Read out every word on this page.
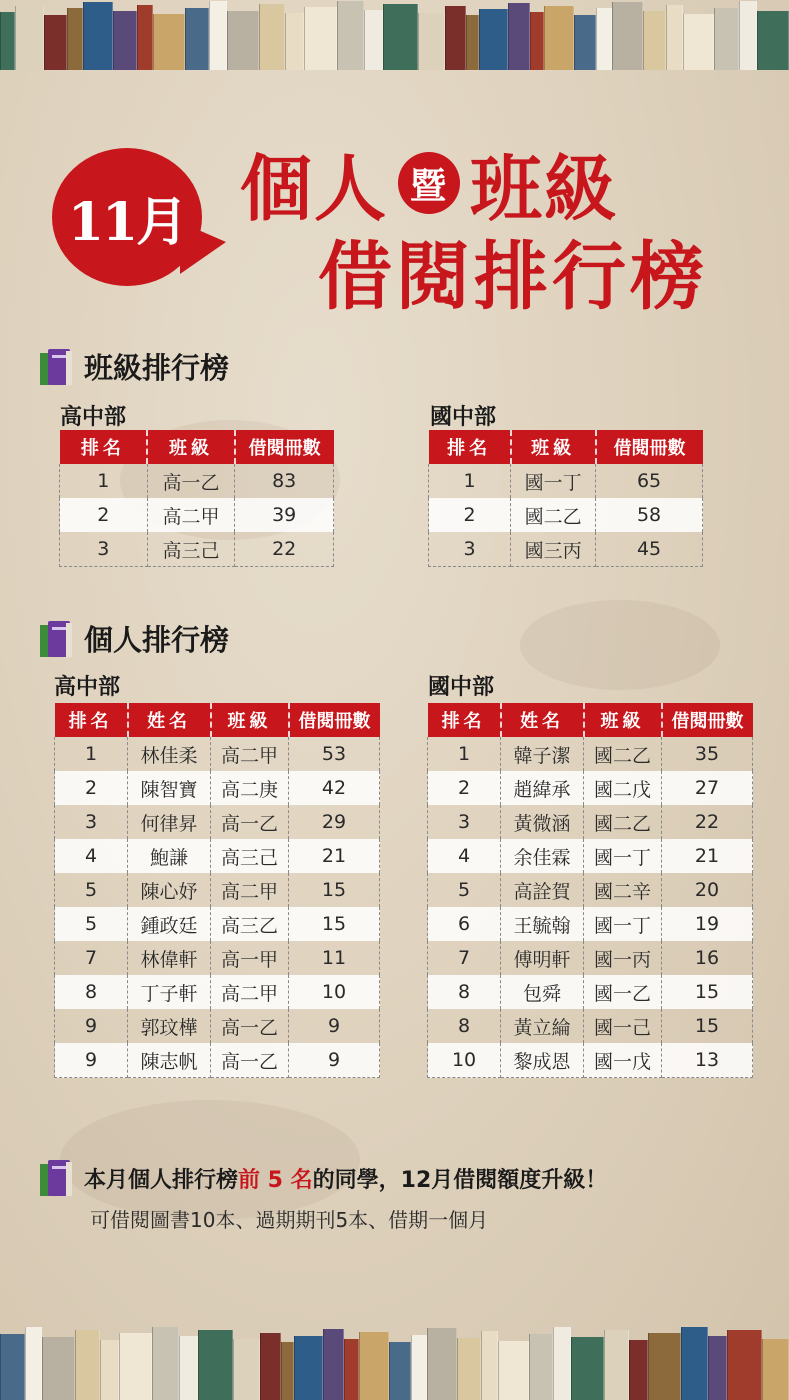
11月 個人 暨 班級
借閱排行榜
班級排行榜
高中部	國中部
排名	班級	借閱冊數
1	高一乙	83
2	高二甲	39
3	高三己	22
排名	班級	借閱冊數
1	國一丁	65
2	國二乙	58
3	國三丙	45
個人排行榜
高中部	國中部
排名	姓名	班級	借閱冊數
1	林佳柔	高二甲	53
2	陳智寶	高二庚	42
3	何律昇	高一乙	29
4	鮑謙	高三己	21
5	陳心妤	高二甲	15
5	鍾政廷	高三乙	15
7	林偉軒	高一甲	11
8	丁子軒	高二甲	10
9	郭玟樺	高一乙	9
9	陳志帆	高一乙	9
排名	姓名	班級	借閱冊數
1	韓子潔	國二乙	35
2	趙緯承	國二戊	27
3	黃微涵	國二乙	22
4	余佳霖	國一丁	21
5	高詮賀	國二辛	20
6	王毓翰	國一丁	19
7	傅明軒	國一丙	16
8	包舜	國一乙	15
8	黃立綸	國一己	15
10	黎成恩	國一戊	13
本月個人排行榜 前 5 名 的同學，12月借閱額度升級！
可借閱圖書10本、過期期刊5本、借期一個月
